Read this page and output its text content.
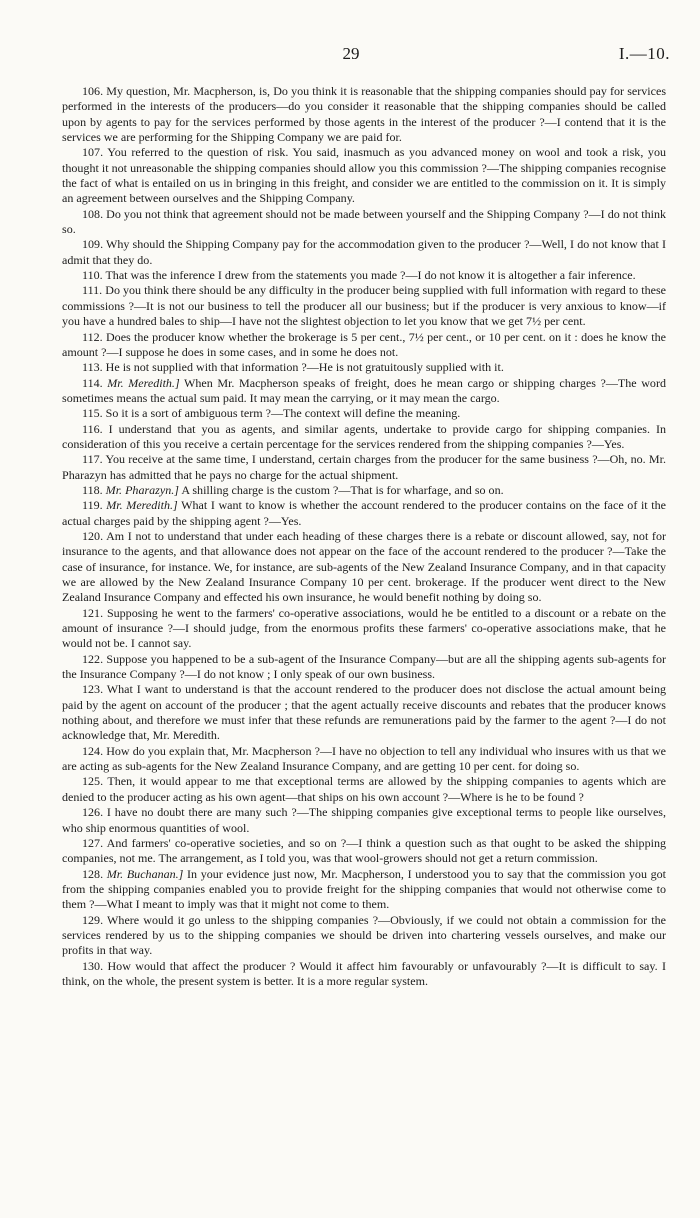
29	I.—10.

106. My question, Mr. Macpherson, is, Do you think it is reasonable that the shipping companies should pay for services performed in the interests of the producers—do you consider it reasonable that the shipping companies should be called upon by agents to pay for the services performed by those agents in the interest of the producer ?—I contend that it is the services we are performing for the Shipping Company we are paid for.

107. You referred to the question of risk. You said, inasmuch as you advanced money on wool and took a risk, you thought it not unreasonable the shipping companies should allow you this commission ?—The shipping companies recognise the fact of what is entailed on us in bringing in this freight, and consider we are entitled to the commission on it. It is simply an agreement between ourselves and the Shipping Company.

108. Do you not think that agreement should not be made between yourself and the Shipping Company ?—I do not think so.

109. Why should the Shipping Company pay for the accommodation given to the producer ?—Well, I do not know that I admit that they do.

110. That was the inference I drew from the statements you made ?—I do not know it is altogether a fair inference.

111. Do you think there should be any difficulty in the producer being supplied with full information with regard to these commissions ?—It is not our business to tell the producer all our business; but if the producer is very anxious to know—if you have a hundred bales to ship—I have not the slightest objection to let you know that we get 7½ per cent.

112. Does the producer know whether the brokerage is 5 per cent., 7½ per cent., or 10 per cent. on it : does he know the amount ?—I suppose he does in some cases, and in some he does not.

113. He is not supplied with that information ?—He is not gratuitously supplied with it.

114. Mr. Meredith.] When Mr. Macpherson speaks of freight, does he mean cargo or shipping charges ?—The word sometimes means the actual sum paid. It may mean the carrying, or it may mean the cargo.

115. So it is a sort of ambiguous term ?—The context will define the meaning.

116. I understand that you as agents, and similar agents, undertake to provide cargo for shipping companies. In consideration of this you receive a certain percentage for the services rendered from the shipping companies ?—Yes.

117. You receive at the same time, I understand, certain charges from the producer for the same business ?—Oh, no. Mr. Pharazyn has admitted that he pays no charge for the actual shipment.

118. Mr. Pharazyn.] A shilling charge is the custom ?—That is for wharfage, and so on.

119. Mr. Meredith.] What I want to know is whether the account rendered to the producer contains on the face of it the actual charges paid by the shipping agent ?—Yes.

120. Am I not to understand that under each heading of these charges there is a rebate or discount allowed, say, not for insurance to the agents, and that allowance does not appear on the face of the account rendered to the producer ?—Take the case of insurance, for instance. We, for instance, are sub-agents of the New Zealand Insurance Company, and in that capacity we are allowed by the New Zealand Insurance Company 10 per cent. brokerage. If the producer went direct to the New Zealand Insurance Company and effected his own insurance, he would benefit nothing by doing so.

121. Supposing he went to the farmers' co-operative associations, would he be entitled to a discount or a rebate on the amount of insurance ?—I should judge, from the enormous profits these farmers' co-operative associations make, that he would not be. I cannot say.

122. Suppose you happened to be a sub-agent of the Insurance Company—but are all the shipping agents sub-agents for the Insurance Company ?—I do not know ; I only speak of our own business.

123. What I want to understand is that the account rendered to the producer does not disclose the actual amount being paid by the agent on account of the producer ; that the agent actually receive discounts and rebates that the producer knows nothing about, and therefore we must infer that these refunds are remunerations paid by the farmer to the agent ?—I do not acknowledge that, Mr. Meredith.

124. How do you explain that, Mr. Macpherson ?—I have no objection to tell any individual who insures with us that we are acting as sub-agents for the New Zealand Insurance Company, and are getting 10 per cent. for doing so.

125. Then, it would appear to me that exceptional terms are allowed by the shipping companies to agents which are denied to the producer acting as his own agent—that ships on his own account ?—Where is he to be found ?

126. I have no doubt there are many such ?—The shipping companies give exceptional terms to people like ourselves, who ship enormous quantities of wool.

127. And farmers' co-operative societies, and so on ?—I think a question such as that ought to be asked the shipping companies, not me. The arrangement, as I told you, was that wool-growers should not get a return commission.

128. Mr. Buchanan.] In your evidence just now, Mr. Macpherson, I understood you to say that the commission you got from the shipping companies enabled you to provide freight for the shipping companies that would not otherwise come to them ?—What I meant to imply was that it might not come to them.

129. Where would it go unless to the shipping companies ?—Obviously, if we could not obtain a commission for the services rendered by us to the shipping companies we should be driven into chartering vessels ourselves, and make our profits in that way.

130. How would that affect the producer ? Would it affect him favourably or unfavourably ?—It is difficult to say. I think, on the whole, the present system is better. It is a more regular system.
